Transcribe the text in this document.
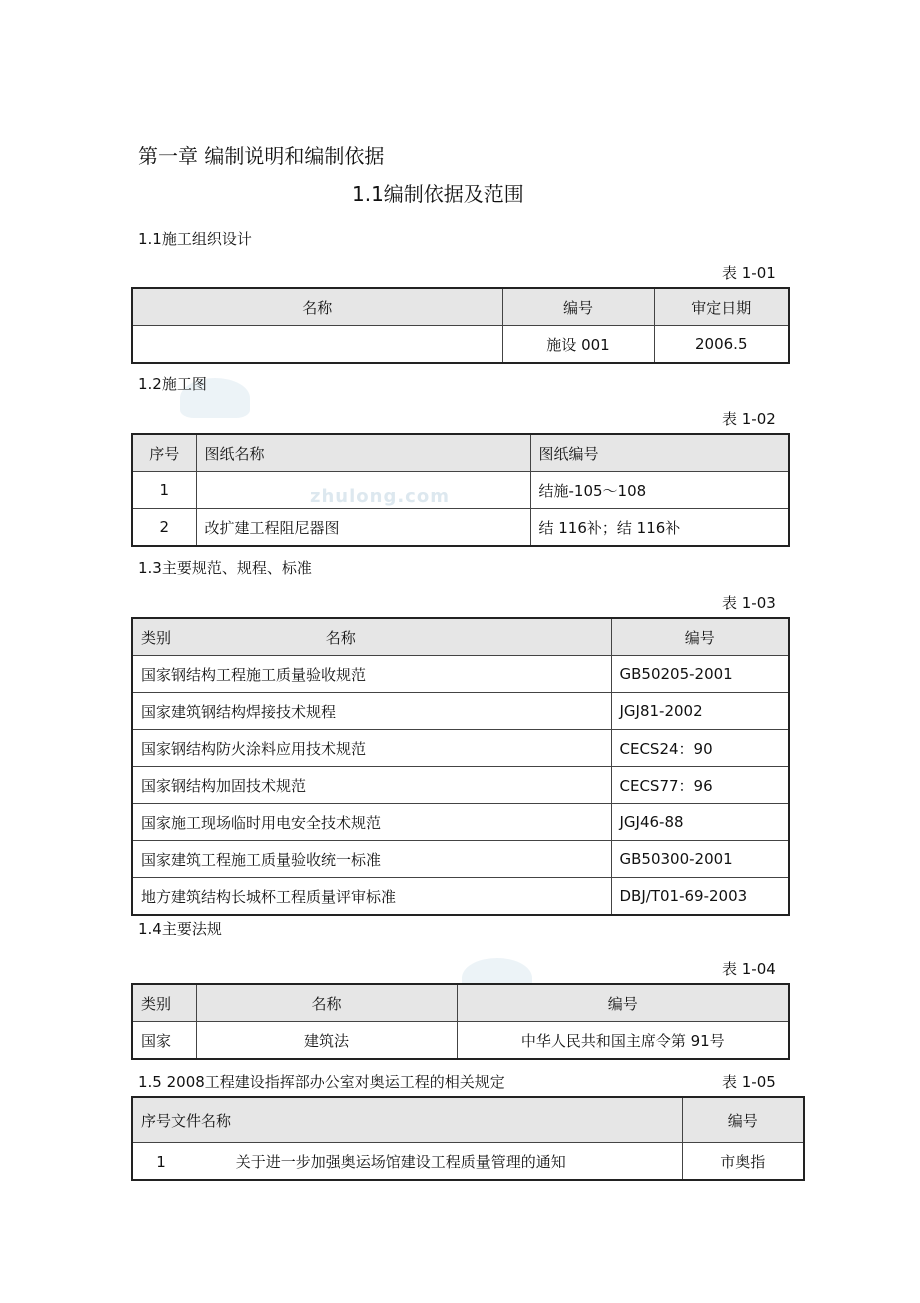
第一章 编制说明和编制依据
1.1编制依据及范围
zhulong.com
1.1施工组织设计
表 1-01
名称	编号	审定日期
	施设 001	2006.5
1.2施工图
表 1-02
序号	图纸名称	图纸编号
1		结施-105～108
2	改扩建工程阻尼器图	结 116补；结 116补
1.3主要规范、规程、标准
表 1-03
类别 名称	编号
国家钢结构工程施工质量验收规范	GB50205-2001
国家建筑钢结构焊接技术规程	JGJ81-2002
国家钢结构防火涂料应用技术规范	CECS24：90
国家钢结构加固技术规范	CECS77：96
国家施工现场临时用电安全技术规范	JGJ46-88
国家建筑工程施工质量验收统一标准	GB50300-2001
地方建筑结构长城杯工程质量评审标准	DBJ/T01-69-2003
1.4主要法规
表 1-04
类别	名称	编号
国家	建筑法	中华人民共和国主席令第 91号
1.5 2008工程建设指挥部办公室对奥运工程的相关规定	表 1-05
序号文件名称	编号
1 关于进一步加强奥运场馆建设工程质量管理的通知	市奥指
